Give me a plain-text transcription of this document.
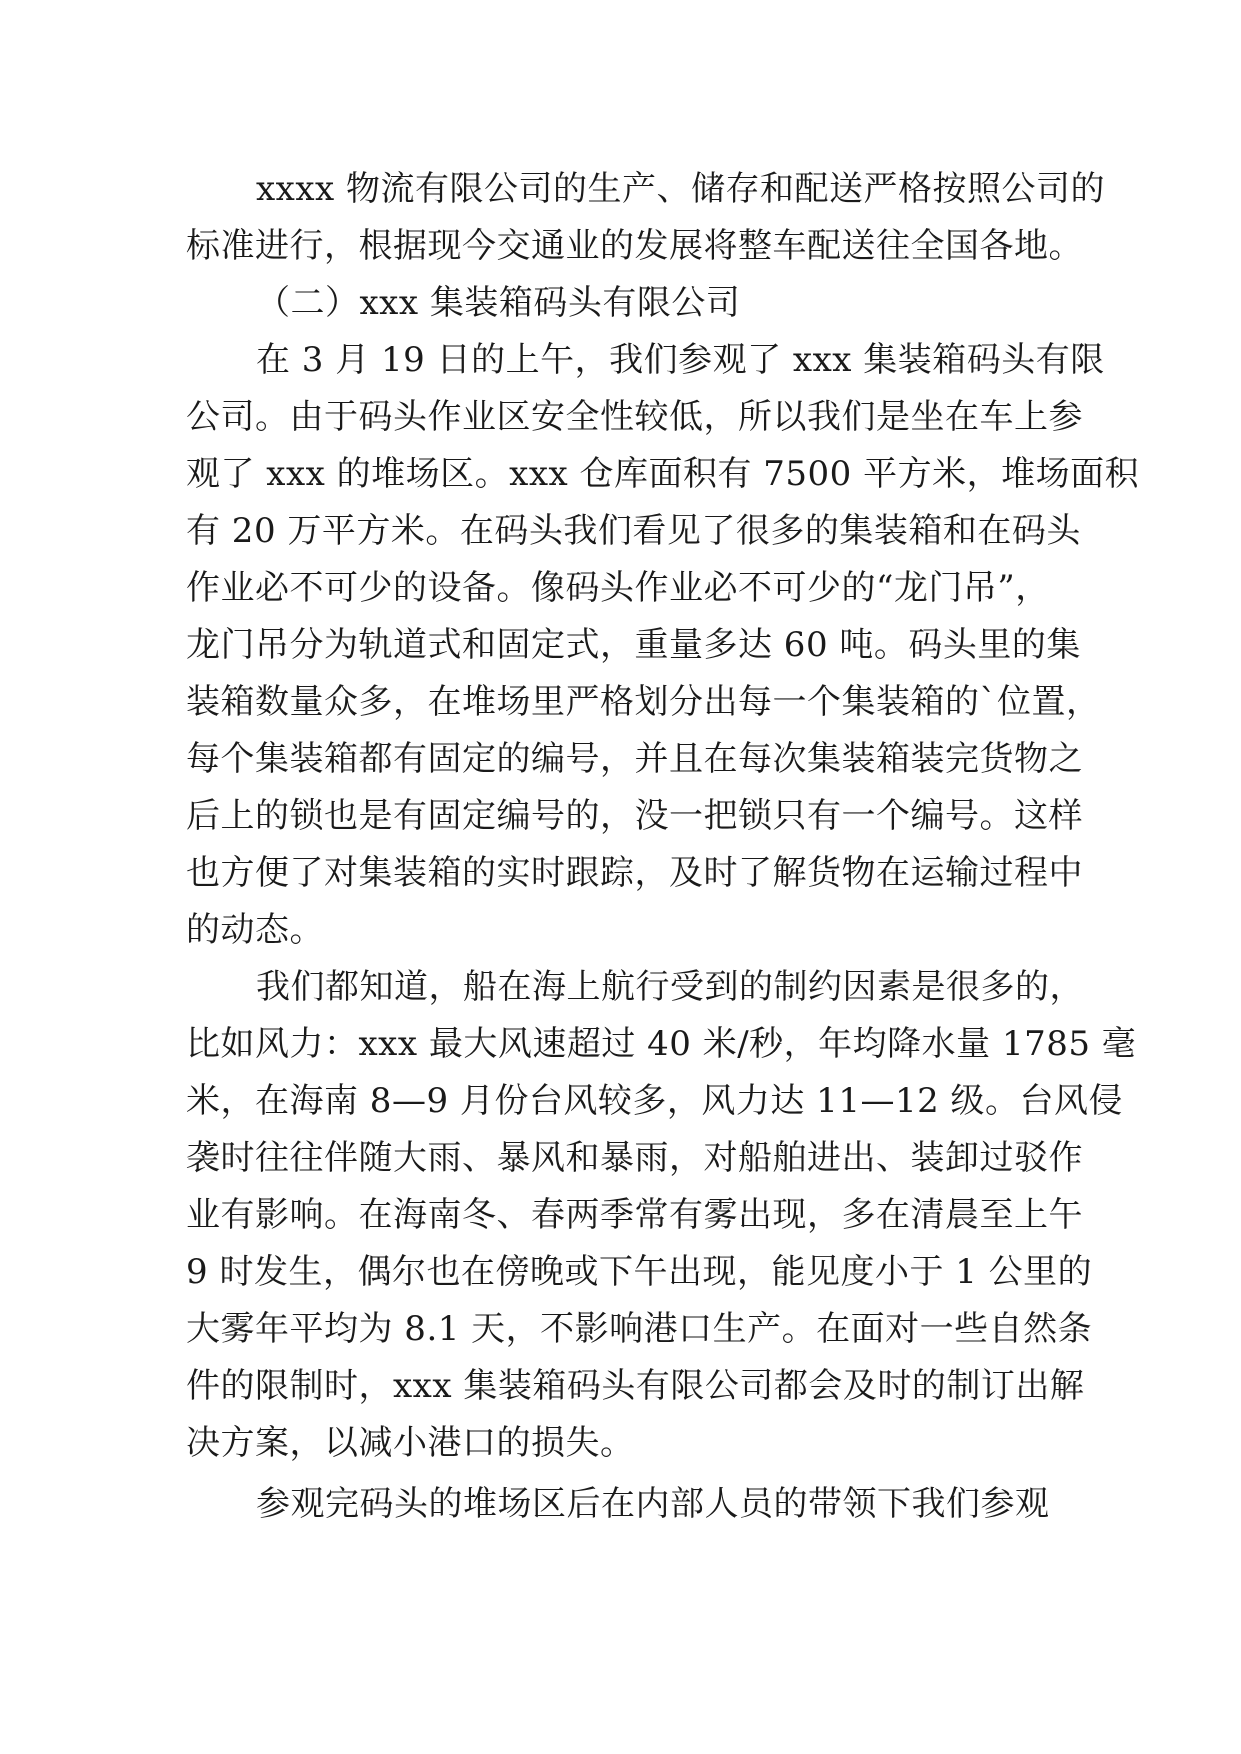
xxxx 物流有限公司的生产、储存和配送严格按照公司的
标准进行，根据现今交通业的发展将整车配送往全国各地。
（二）xxx 集装箱码头有限公司
在 3 月 19 日的上午，我们参观了 xxx 集装箱码头有限
公司。由于码头作业区安全性较低，所以我们是坐在车上参
观了 xxx 的堆场区。xxx 仓库面积有 7500 平方米，堆场面积
有 20 万平方米。在码头我们看见了很多的集装箱和在码头
作业必不可少的设备。像码头作业必不可少的“龙门吊”，
龙门吊分为轨道式和固定式，重量多达 60 吨。码头里的集
装箱数量众多，在堆场里严格划分出每一个集装箱的`位置，
每个集装箱都有固定的编号，并且在每次集装箱装完货物之
后上的锁也是有固定编号的，没一把锁只有一个编号。这样
也方便了对集装箱的实时跟踪，及时了解货物在运输过程中
的动态。
我们都知道，船在海上航行受到的制约因素是很多的，
比如风力：xxx 最大风速超过 40 米/秒，年均降水量 1785 毫
米，在海南 8—9 月份台风较多，风力达 11—12 级。台风侵
袭时往往伴随大雨、暴风和暴雨，对船舶进出、装卸过驳作
业有影响。在海南冬、春两季常有雾出现，多在清晨至上午
9 时发生，偶尔也在傍晚或下午出现，能见度小于 1 公里的
大雾年平均为 8.1 天，不影响港口生产。在面对一些自然条
件的限制时，xxx 集装箱码头有限公司都会及时的制订出解
决方案，以减小港口的损失。
参观完码头的堆场区后在内部人员的带领下我们参观
